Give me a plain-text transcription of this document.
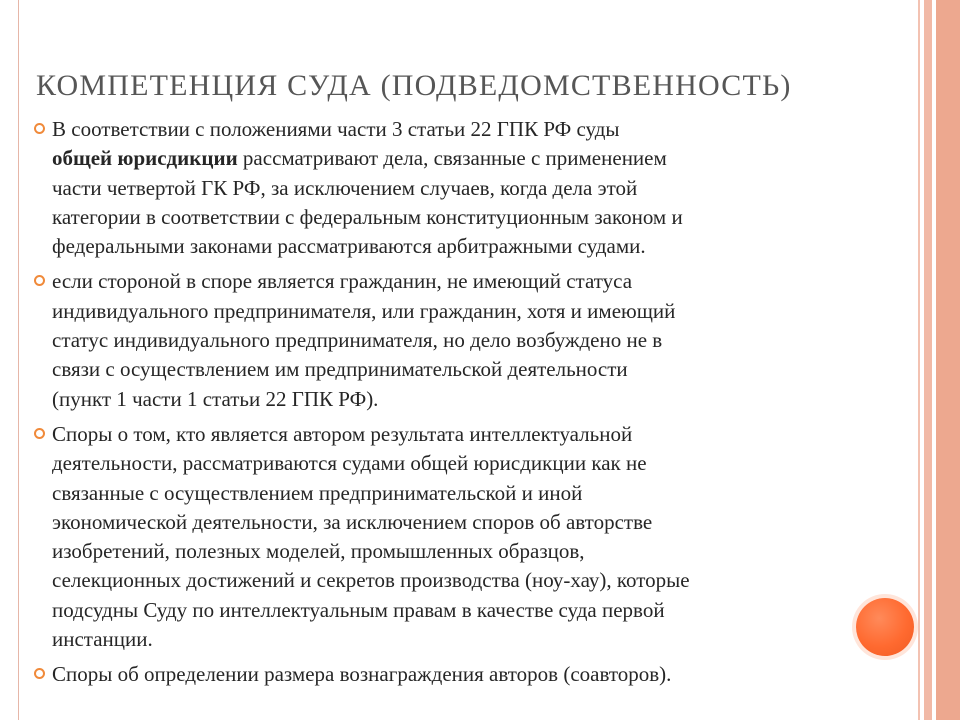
КОМПЕТЕНЦИЯ СУДА (ПОДВЕДОМСТВЕННОСТЬ)
В соответствии с положениями части 3 статьи 22 ГПК РФ суды
общей юрисдикции рассматривают дела, связанные с применением
части четвертой ГК РФ, за исключением случаев, когда дела этой
категории в соответствии с федеральным конституционным законом и
федеральными законами рассматриваются арбитражными судами.
если стороной в споре является гражданин, не имеющий статуса
индивидуального предпринимателя, или гражданин, хотя и имеющий
статус индивидуального предпринимателя, но дело возбуждено не в
связи с осуществлением им предпринимательской деятельности
(пункт 1 части 1 статьи 22 ГПК РФ).
Споры о том, кто является автором результата интеллектуальной
деятельности, рассматриваются судами общей юрисдикции как не
связанные с осуществлением предпринимательской и иной
экономической деятельности, за исключением споров об авторстве
изобретений, полезных моделей, промышленных образцов,
селекционных достижений и секретов производства (ноу-хау), которые
подсудны Суду по интеллектуальным правам в качестве суда первой
инстанции.
Споры об определении размера вознаграждения авторов (соавторов).
